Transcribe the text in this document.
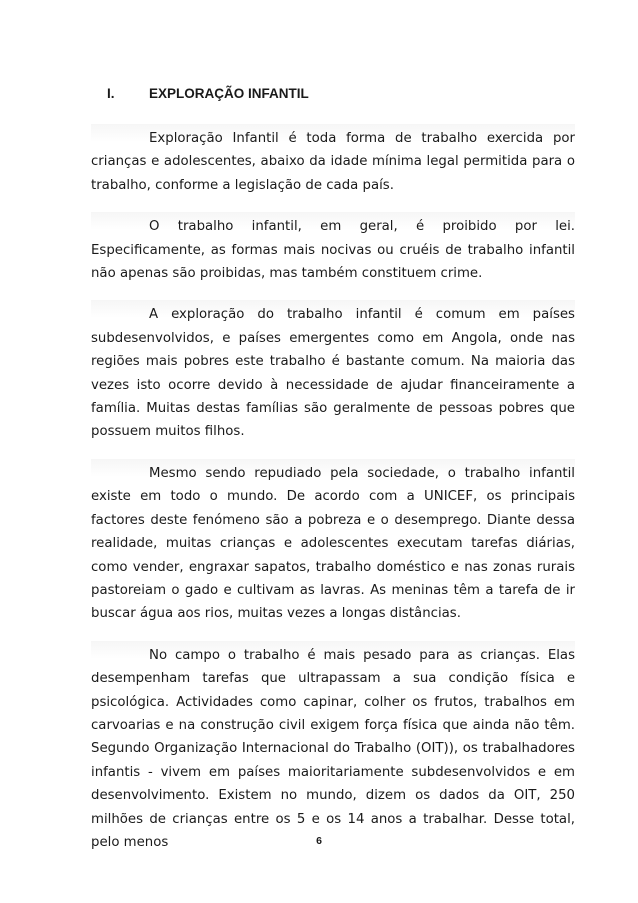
I.	EXPLORAÇÃO INFANTIL

Exploração Infantil é toda forma de trabalho exercida por crianças e adolescentes, abaixo da idade mínima legal permitida para o trabalho, conforme a legislação de cada país.

O trabalho infantil, em geral, é proibido por lei. Especificamente, as formas mais nocivas ou cruéis de trabalho infantil não apenas são proibidas, mas também constituem crime.

A exploração do trabalho infantil é comum em países subdesenvolvidos, e países emergentes como em Angola, onde nas regiões mais pobres este trabalho é bastante comum. Na maioria das vezes isto ocorre devido à necessidade de ajudar financeiramente a família. Muitas destas famílias são geralmente de pessoas pobres que possuem muitos filhos.

Mesmo sendo repudiado pela sociedade, o trabalho infantil existe em todo o mundo. De acordo com a UNICEF, os principais factores deste fenómeno são a pobreza e o desemprego. Diante dessa realidade, muitas crianças e adolescentes executam tarefas diárias, como vender, engraxar sapatos, trabalho doméstico e nas zonas rurais pastoreiam o gado e cultivam as lavras. As meninas têm a tarefa de ir buscar água aos rios, muitas vezes a longas distâncias.

No campo o trabalho é mais pesado para as crianças. Elas desempenham tarefas que ultrapassam a sua condição física e psicológica. Actividades como capinar, colher os frutos, trabalhos em carvoarias e na construção civil exigem força física que ainda não têm. Segundo Organização Internacional do Trabalho (OIT)), os trabalhadores infantis - vivem em países maioritariamente subdesenvolvidos e em desenvolvimento. Existem no mundo, dizem os dados da OIT, 250 milhões de crianças entre os 5 e os 14 anos a trabalhar. Desse total, pelo menos	6
